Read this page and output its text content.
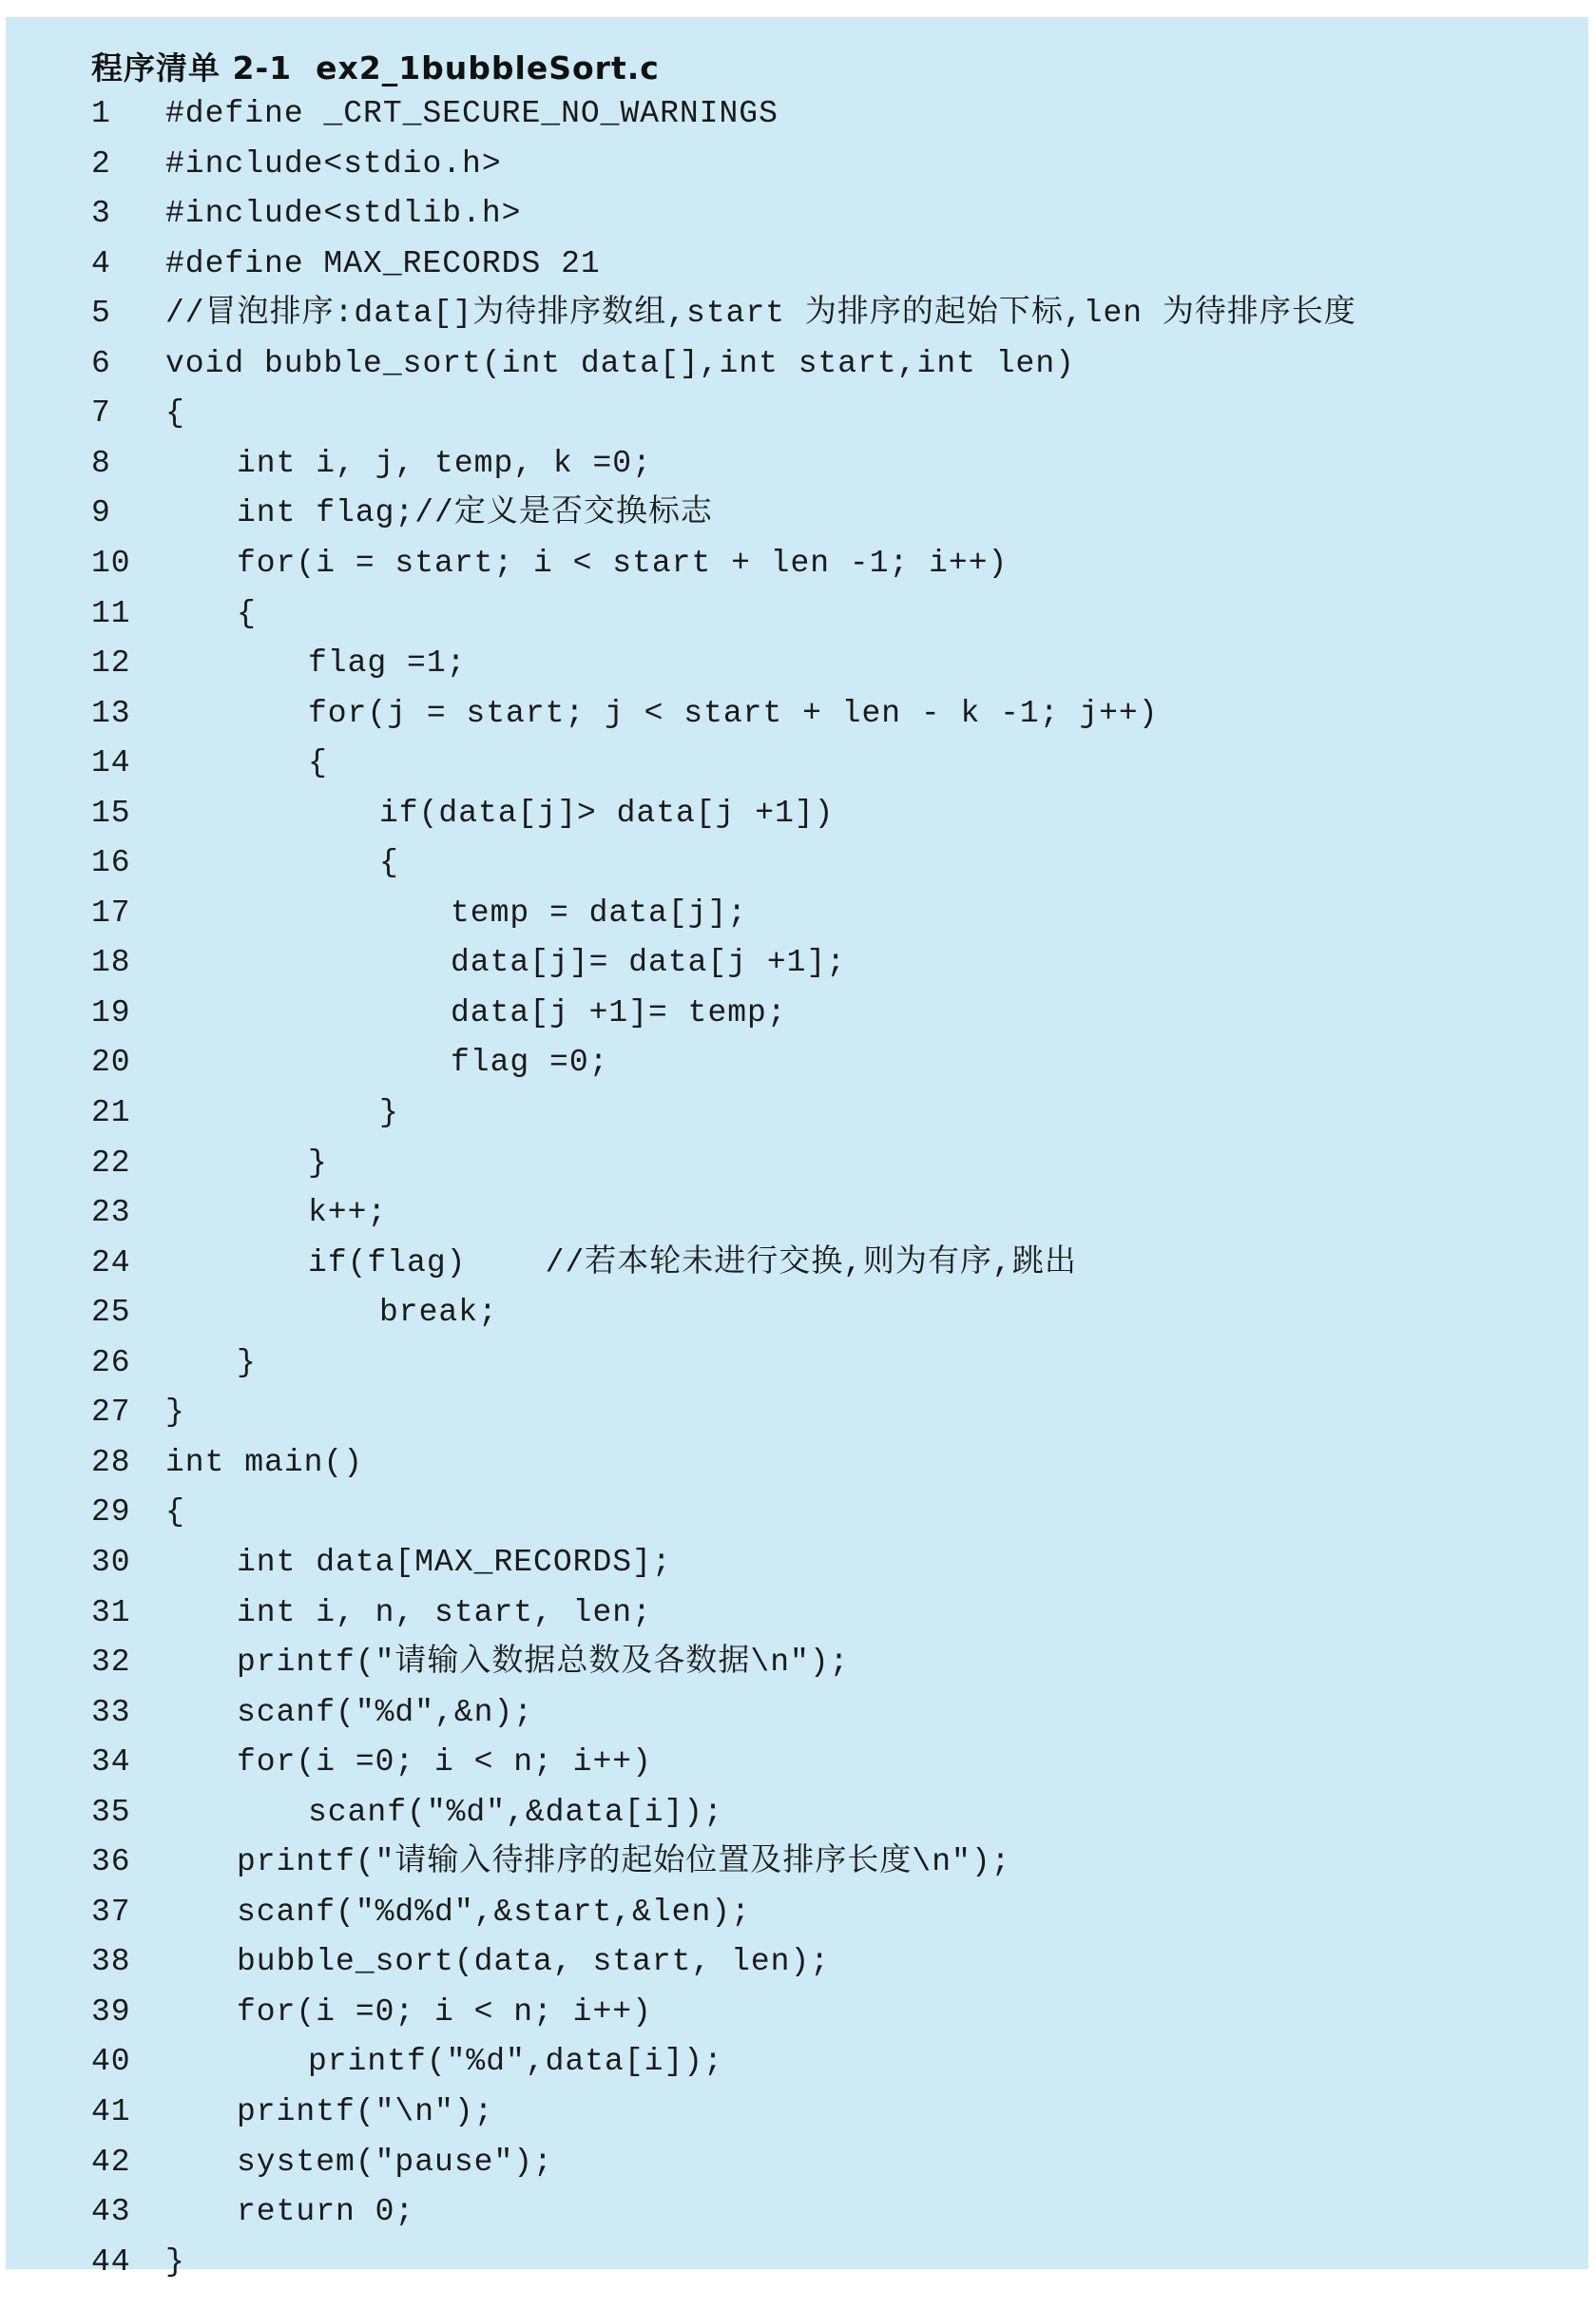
程序清单 2-1  ex2_1bubbleSort.c
1	#define _CRT_SECURE_NO_WARNINGS
2	#include<stdio.h>
3	#include<stdlib.h>
4	#define MAX_RECORDS 21
5	//冒泡排序:data[]为待排序数组,start 为排序的起始下标,len 为待排序长度
6	void bubble_sort(int data[],int start,int len)
7	{
8	int i, j, temp, k =0;
9	int flag;//定义是否交换标志
10	for(i = start; i < start + len -1; i++)
11	{
12	flag =1;
13	for(j = start; j < start + len - k -1; j++)
14	{
15	if(data[j]> data[j +1])
16	{
17	temp = data[j];
18	data[j]= data[j +1];
19	data[j +1]= temp;
20	flag =0;
21	}
22	}
23	k++;
24	if(flag)    //若本轮未进行交换,则为有序,跳出
25	break;
26	}
27	}
28	int main()
29	{
30	int data[MAX_RECORDS];
31	int i, n, start, len;
32	printf("请输入数据总数及各数据\n");
33	scanf("%d",&n);
34	for(i =0; i < n; i++)
35	scanf("%d",&data[i]);
36	printf("请输入待排序的起始位置及排序长度\n");
37	scanf("%d%d",&start,&len);
38	bubble_sort(data, start, len);
39	for(i =0; i < n; i++)
40	printf("%d",data[i]);
41	printf("\n");
42	system("pause");
43	return 0;
44	}
